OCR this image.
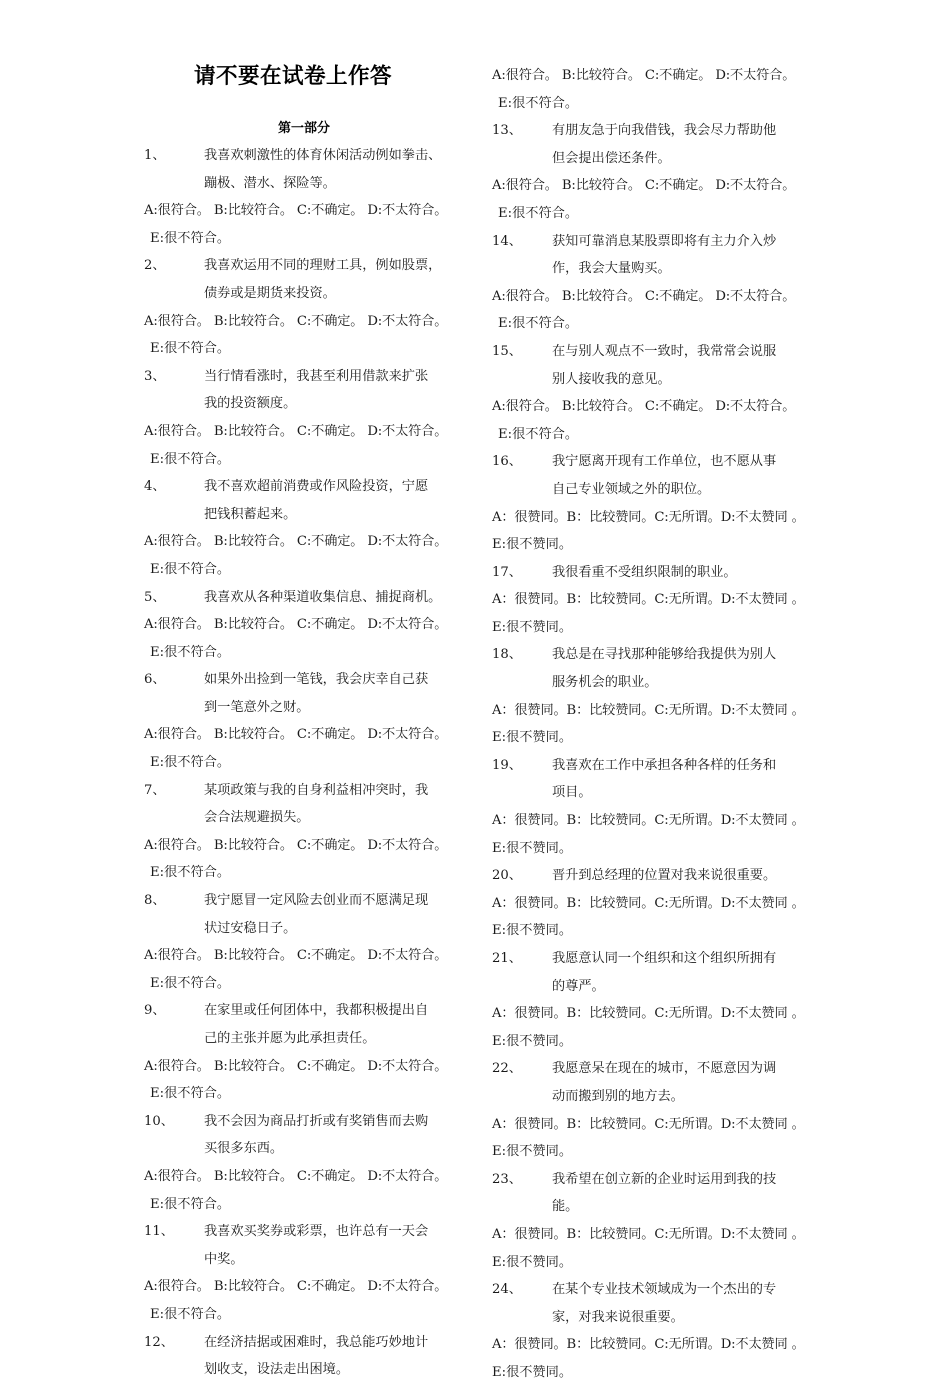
请不要在试卷上作答
第一部分
1、	我喜欢刺激性的体育休闲活动例如拳击、
蹦极、潜水、探险等。
A:很符合。 B:比较符合。 C:不确定。 D:不太符合。
E:很不符合。
2、	我喜欢运用不同的理财工具，例如股票，
债券或是期货来投资。
A:很符合。 B:比较符合。 C:不确定。 D:不太符合。
E:很不符合。
3、	当行情看涨时，我甚至利用借款来扩张
我的投资额度。
A:很符合。 B:比较符合。 C:不确定。 D:不太符合。
E:很不符合。
4、	我不喜欢超前消费或作风险投资，宁愿
把钱积蓄起来。
A:很符合。 B:比较符合。 C:不确定。 D:不太符合。
E:很不符合。
5、	我喜欢从各种渠道收集信息、捕捉商机。
A:很符合。 B:比较符合。 C:不确定。 D:不太符合。
E:很不符合。
6、	如果外出捡到一笔钱，我会庆幸自己获
到一笔意外之财。
A:很符合。 B:比较符合。 C:不确定。 D:不太符合。
E:很不符合。
7、	某项政策与我的自身利益相冲突时，我
会合法规避损失。
A:很符合。 B:比较符合。 C:不确定。 D:不太符合。
E:很不符合。
8、	我宁愿冒一定风险去创业而不愿满足现
状过安稳日子。
A:很符合。 B:比较符合。 C:不确定。 D:不太符合。
E:很不符合。
9、	在家里或任何团体中，我都积极提出自
己的主张并愿为此承担责任。
A:很符合。 B:比较符合。 C:不确定。 D:不太符合。
E:很不符合。
10、	我不会因为商品打折或有奖销售而去购
买很多东西。
A:很符合。 B:比较符合。 C:不确定。 D:不太符合。
E:很不符合。
11、	我喜欢买奖券或彩票，也许总有一天会
中奖。
A:很符合。 B:比较符合。 C:不确定。 D:不太符合。
E:很不符合。
12、	在经济拮据或困难时，我总能巧妙地计
划收支，设法走出困境。
A:很符合。 B:比较符合。 C:不确定。 D:不太符合。
E:很不符合。
13、	有朋友急于向我借钱，我会尽力帮助他
但会提出偿还条件。
A:很符合。 B:比较符合。 C:不确定。 D:不太符合。
E:很不符合。
14、	获知可靠消息某股票即将有主力介入炒
作，我会大量购买。
A:很符合。 B:比较符合。 C:不确定。 D:不太符合。
E:很不符合。
15、	在与别人观点不一致时，我常常会说服
别人接收我的意见。
A:很符合。 B:比较符合。 C:不确定。 D:不太符合。
E:很不符合。
16、	我宁愿离开现有工作单位，也不愿从事
自己专业领域之外的职位。
A：很赞同。B：比较赞同。C:无所谓。D:不太赞同 。
E:很不赞同。
17、	我很看重不受组织限制的职业。
A：很赞同。B：比较赞同。C:无所谓。D:不太赞同 。
E:很不赞同。
18、	我总是在寻找那种能够给我提供为别人
服务机会的职业。
A：很赞同。B：比较赞同。C:无所谓。D:不太赞同 。
E:很不赞同。
19、	我喜欢在工作中承担各种各样的任务和
项目。
A：很赞同。B：比较赞同。C:无所谓。D:不太赞同 。
E:很不赞同。
20、	晋升到总经理的位置对我来说很重要。
A：很赞同。B：比较赞同。C:无所谓。D:不太赞同 。
E:很不赞同。
21、	我愿意认同一个组织和这个组织所拥有
的尊严。
A：很赞同。B：比较赞同。C:无所谓。D:不太赞同 。
E:很不赞同。
22、	我愿意呆在现在的城市，不愿意因为调
动而搬到别的地方去。
A：很赞同。B：比较赞同。C:无所谓。D:不太赞同 。
E:很不赞同。
23、	我希望在创立新的企业时运用到我的技
能。
A：很赞同。B：比较赞同。C:无所谓。D:不太赞同 。
E:很不赞同。
24、	在某个专业技术领域成为一个杰出的专
家，对我来说很重要。
A：很赞同。B：比较赞同。C:无所谓。D:不太赞同 。
E:很不赞同。
